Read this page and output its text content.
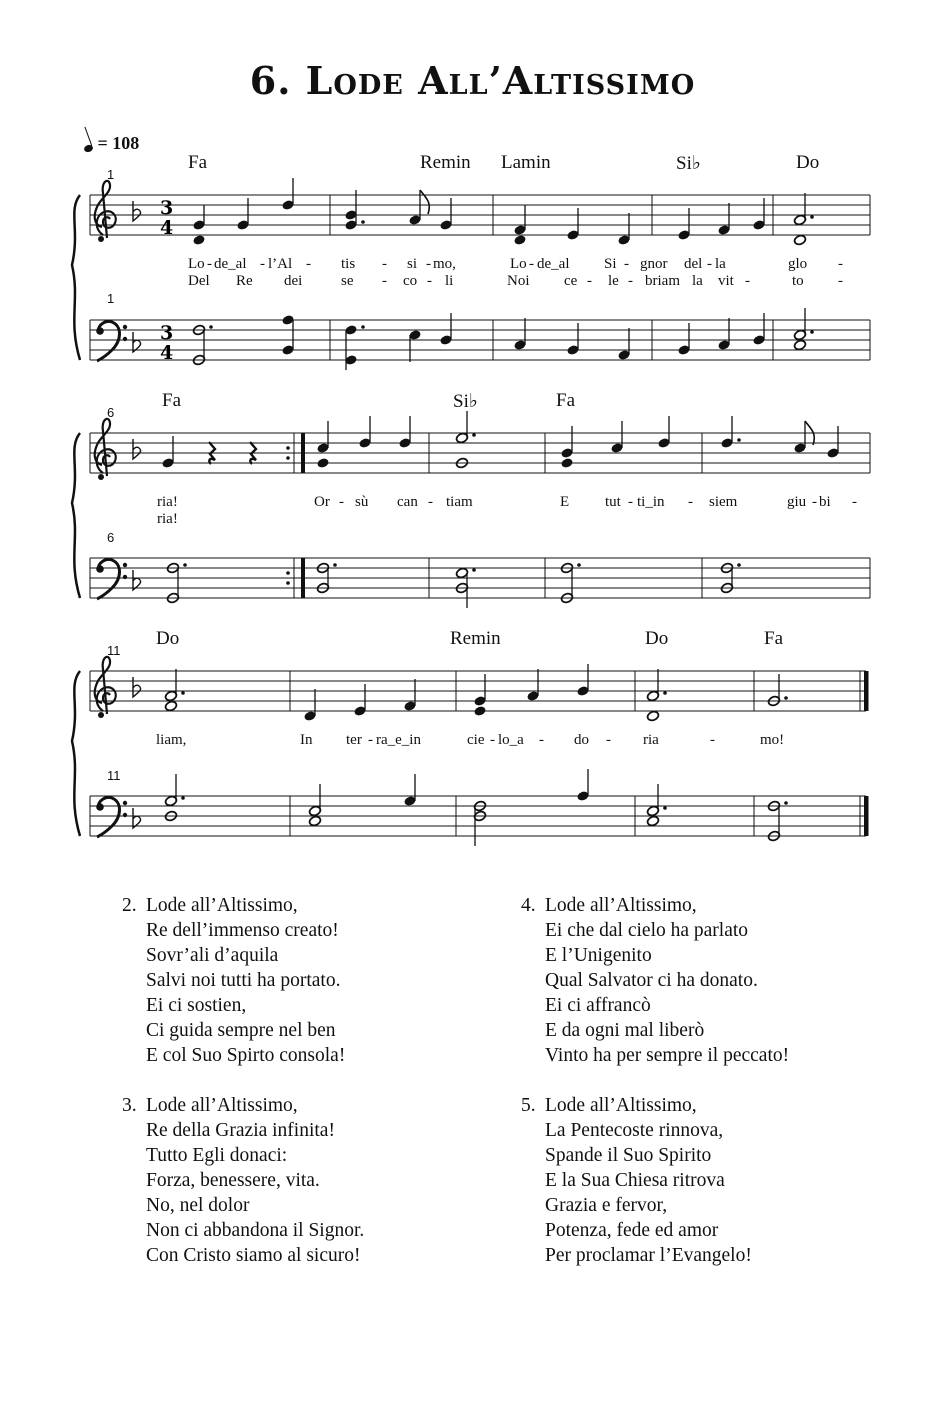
6. Lode All’Altissimo
= 108
Fa	Remin Lamin	Si♭	Do
1
1
Lo - de_al - l’Al - tis - si - mo,	Lo - de_al Si - gnor del - la	glo -
Del Re dei	se - co - li	Noi ce - le - briam la vit -	to -
Fa	Si♭	Fa
6
6
ria!	Or - sù can - tiam	E tut - ti_in - siem	giu - bi -
ria!
Do	Remin	Do	Fa
11
11
liam,	In ter - ra_e_in	cie - lo_a - do - ria	-	mo!
3
4
3
4
2. Lode all’Altissimo,
Re dell’immenso creato!
Sovr’ali d’aquila
Salvi noi tutti ha portato.
Ei ci sostien,
Ci guida sempre nel ben
E col Suo Spirto consola!
3. Lode all’Altissimo,
Re della Grazia infinita!
Tutto Egli donaci:
Forza, benessere, vita.
No, nel dolor
Non ci abbandona il Signor.
Con Cristo siamo al sicuro!
4. Lode all’Altissimo,
Ei che dal cielo ha parlato
E l’Unigenito
Qual Salvator ci ha donato.
Ei ci affrancò
E da ogni mal liberò
Vinto ha per sempre il peccato!
5. Lode all’Altissimo,
La Pentecoste rinnova,
Spande il Suo Spirito
E la Sua Chiesa ritrova
Grazia e fervor,
Potenza, fede ed amor
Per proclamar l’Evangelo!
